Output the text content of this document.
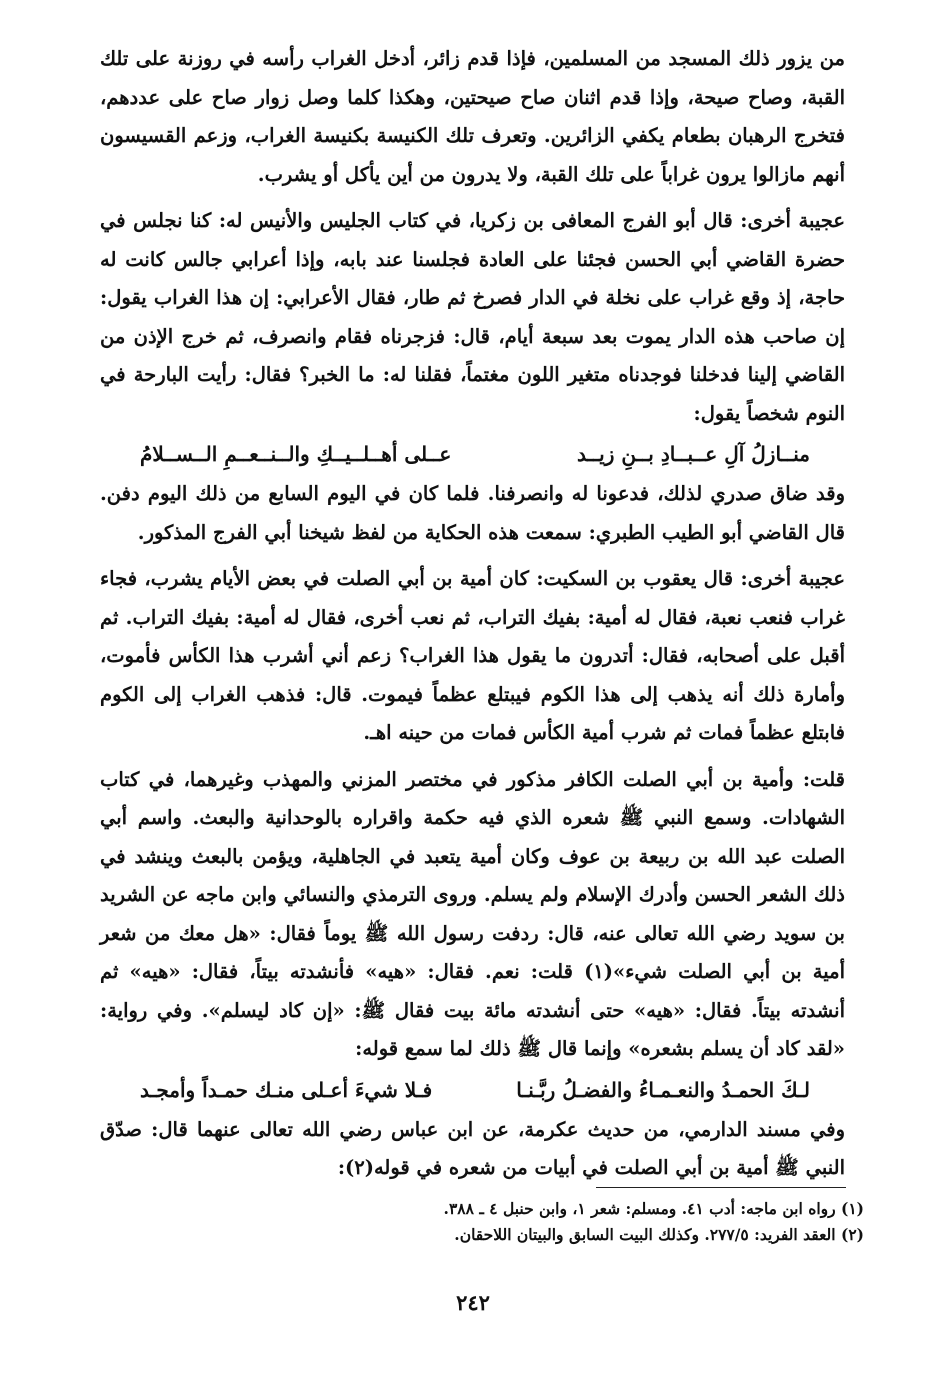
من يزور ذلك المسجد من المسلمين، فإذا قدم زائر، أدخل الغراب رأسه في روزنة على تلك القبة، وصاح صيحة، وإذا قدم اثنان صاح صيحتين، وهكذا كلما وصل زوار صاح على عددهم، فتخرج الرهبان بطعام يكفي الزائرين. وتعرف تلك الكنيسة بكنيسة الغراب، وزعم القسيسون أنهم مازالوا يرون غراباً على تلك القبة، ولا يدرون من أين يأكل أو يشرب.

عجيبة أخرى: قال أبو الفرج المعافى بن زكريا، في كتاب الجليس والأنيس له: كنا نجلس في حضرة القاضي أبي الحسن فجئنا على العادة فجلسنا عند بابه، وإذا أعرابي جالس كانت له حاجة، إذ وقع غراب على نخلة في الدار فصرخ ثم طار، فقال الأعرابي: إن هذا الغراب يقول: إن صاحب هذه الدار يموت بعد سبعة أيام، قال: فزجرناه فقام وانصرف، ثم خرج الإذن من القاضي إلينا فدخلنا فوجدناه متغير اللون مغتماً، فقلنا له: ما الخبر؟ فقال: رأيت البارحة في النوم شخصاً يقول:

منــازلُ آلِ عــبــادِ بــنِ زيــد
عــلى أهــلــيــكِ والــنــعــمِ الــســلامُ

وقد ضاق صدري لذلك، فدعونا له وانصرفنا. فلما كان في اليوم السابع من ذلك اليوم دفن. قال القاضي أبو الطيب الطبري: سمعت هذه الحكاية من لفظ شيخنا أبي الفرج المذكور.

عجيبة أخرى: قال يعقوب بن السكيت: كان أمية بن أبي الصلت في بعض الأيام يشرب، فجاء غراب فنعب نعبة، فقال له أمية: بفيك التراب، ثم نعب أخرى، فقال له أمية: بفيك التراب. ثم أقبل على أصحابه، فقال: أتدرون ما يقول هذا الغراب؟ زعم أني أشرب هذا الكأس فأموت، وأمارة ذلك أنه يذهب إلى هذا الكوم فيبتلع عظماً فيموت. قال: فذهب الغراب إلى الكوم فابتلع عظماً فمات ثم شرب أمية الكأس فمات من حينه اهـ.

قلت: وأمية بن أبي الصلت الكافر مذكور في مختصر المزني والمهذب وغيرهما، في كتاب الشهادات. وسمع النبي ﷺ شعره الذي فيه حكمة واقراره بالوحدانية والبعث. واسم أبي الصلت عبد الله بن ربيعة بن عوف وكان أمية يتعبد في الجاهلية، ويؤمن بالبعث وينشد في ذلك الشعر الحسن وأدرك الإسلام ولم يسلم. وروى الترمذي والنسائي وابن ماجه عن الشريد بن سويد رضي الله تعالى عنه، قال: ردفت رسول الله ﷺ يوماً فقال: «هل معك من شعر أمية بن أبي الصلت شيء»(١) قلت: نعم. فقال: «هيه» فأنشدته بيتاً، فقال: «هيه» ثم أنشدته بيتاً. فقال: «هيه» حتى أنشدته مائة بيت فقال ﷺ: «إن كاد ليسلم». وفي رواية: «لقد كاد أن يسلم بشعره» وإنما قال ﷺ ذلك لما سمع قوله:

لـكَ الحمـدُ والنعـمـاءُ والفضـلُ ربَّـنـا
فـلا شيءَ أعـلى منـك حمـداً وأمجـد

وفي مسند الدارمي، من حديث عكرمة، عن ابن عباس رضي الله تعالى عنهما قال: صدّق النبي ﷺ أمية بن أبي الصلت في أبيات من شعره في قوله(٢):

(١) رواه ابن ماجه: أدب ٤١. ومسلم: شعر ١، وابن حنبل ٤ ـ ٣٨٨.

(٢) العقد الفريد: ٢٧٧/٥. وكذلك البيت السابق والبيتان اللاحقان.

٢٤٢
